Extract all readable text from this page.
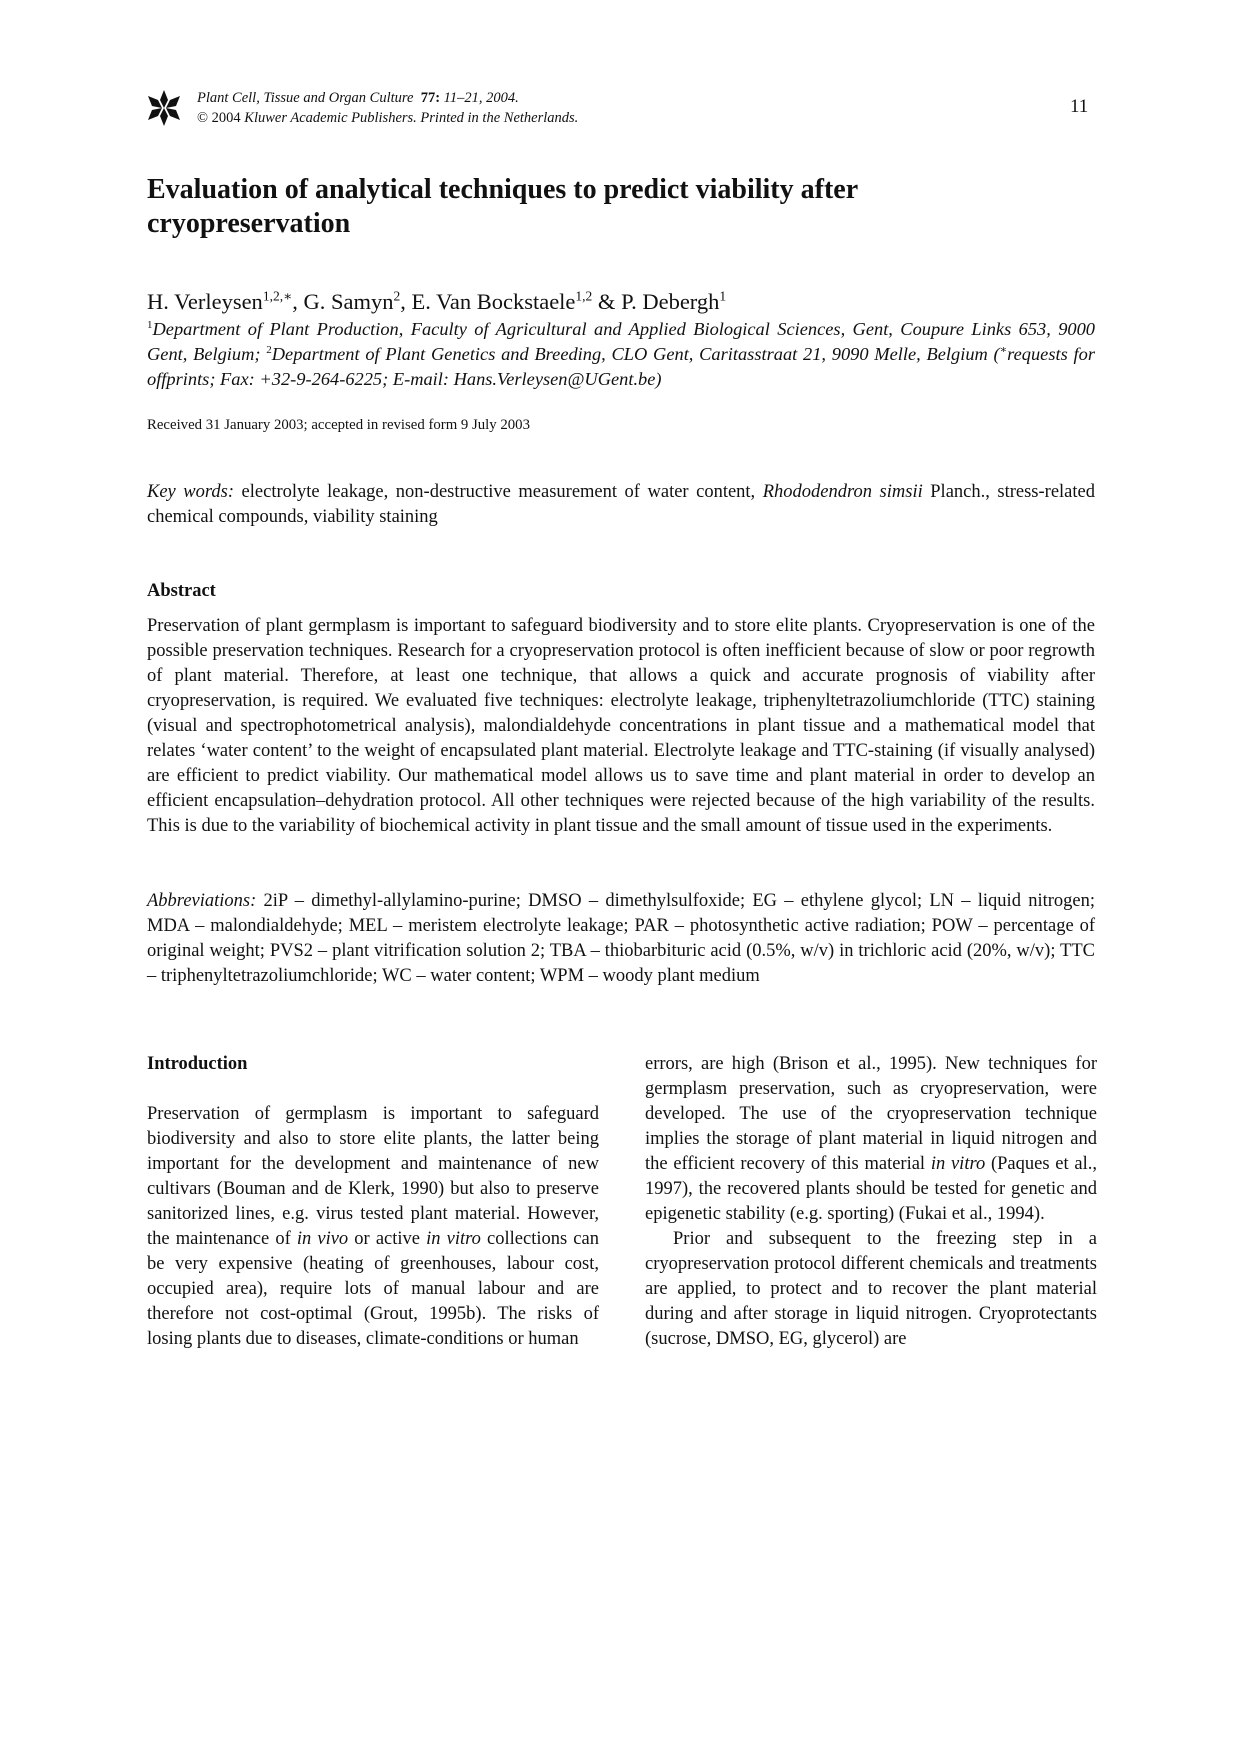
Plant Cell, Tissue and Organ Culture 77: 11–21, 2004.
© 2004 Kluwer Academic Publishers. Printed in the Netherlands.
11
Evaluation of analytical techniques to predict viability after cryopreservation
H. Verleysen$^{1,2,∗}$, G. Samyn$^2$, E. Van Bockstaele$^{1,2}$ & P. Debergh$^1$
$^1$Department of Plant Production, Faculty of Agricultural and Applied Biological Sciences, Gent, Coupure Links 653, 9000 Gent, Belgium; $^2$Department of Plant Genetics and Breeding, CLO Gent, Caritasstraat 21, 9090 Melle, Belgium (∗requests for offprints; Fax: +32-9-264-6225; E-mail: Hans.Verleysen@UGent.be)
Received 31 January 2003; accepted in revised form 9 July 2003
Key words: electrolyte leakage, non-destructive measurement of water content, Rhododendron simsii Planch., stress-related chemical compounds, viability staining
Abstract

Preservation of plant germplasm is important to safeguard biodiversity and to store elite plants. Cryopreservation is one of the possible preservation techniques. Research for a cryopreservation protocol is often inefficient because of slow or poor regrowth of plant material. Therefore, at least one technique, that allows a quick and accurate prognosis of viability after cryopreservation, is required. We evaluated five techniques: electrolyte leakage, triphenyltetrazoliumchloride (TTC) staining (visual and spectrophotometrical analysis), malondialdehyde concentrations in plant tissue and a mathematical model that relates ‘water content’ to the weight of encapsulated plant material. Electrolyte leakage and TTC-staining (if visually analysed) are efficient to predict viability. Our mathematical model allows us to save time and plant material in order to develop an efficient encapsulation–dehydration protocol. All other techniques were rejected because of the high variability of the results. This is due to the variability of biochemical activity in plant tissue and the small amount of tissue used in the experiments.

Abbreviations: 2iP – dimethyl-allylamino-purine; DMSO – dimethylsulfoxide; EG – ethylene glycol; LN – liquid nitrogen; MDA – malondialdehyde; MEL – meristem electrolyte leakage; PAR – photosynthetic active radiation; POW – percentage of original weight; PVS2 – plant vitrification solution 2; TBA – thiobarbituric acid (0.5%, w/v) in trichloric acid (20%, w/v); TTC – triphenyltetrazoliumchloride; WC – water content; WPM – woody plant medium
Introduction

Preservation of germplasm is important to safeguard biodiversity and also to store elite plants, the latter being important for the development and maintenance of new cultivars (Bouman and de Klerk, 1990) but also to preserve sanitorized lines, e.g. virus tested plant material. However, the maintenance of in vivo or active in vitro collections can be very expensive (heating of greenhouses, labour cost, occupied area), require lots of manual labour and are therefore not cost-optimal (Grout, 1995b). The risks of losing plants due to diseases, climate-conditions or human

errors, are high (Brison et al., 1995). New techniques for germplasm preservation, such as cryopreservation, were developed. The use of the cryopreservation technique implies the storage of plant material in liquid nitrogen and the efficient recovery of this material in vitro (Paques et al., 1997), the recovered plants should be tested for genetic and epigenetic stability (e.g. sporting) (Fukai et al., 1994).

Prior and subsequent to the freezing step in a cryopreservation protocol different chemicals and treatments are applied, to protect and to recover the plant material during and after storage in liquid nitrogen. Cryoprotectants (sucrose, DMSO, EG, glycerol) are
